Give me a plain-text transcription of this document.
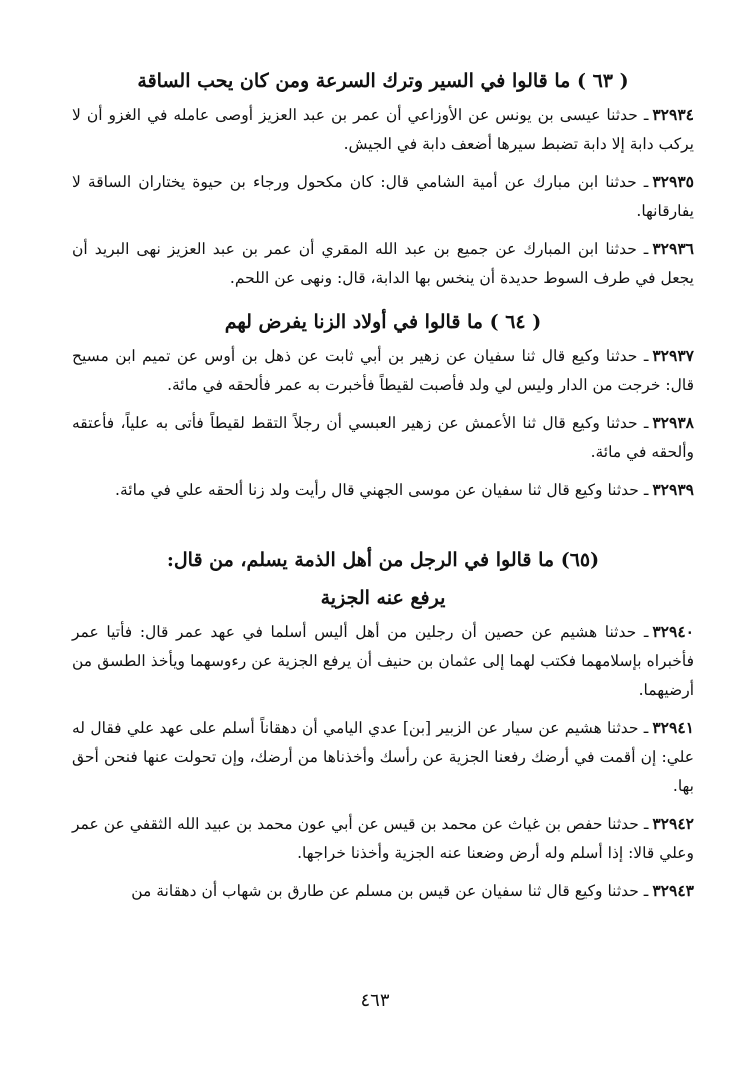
( ٦٣ ) ما قالوا في السير وترك السرعة ومن كان يحب الساقة

٣٢٩٣٤ـ حدثنا عيسى بن يونس عن الأوزاعي أن عمر بن عبد العزيز أوصى عامله في الغزو أن لا يركب دابة إلا دابة تضبط سيرها أضعف دابة في الجيش.

٣٢٩٣٥ـ حدثنا ابن مبارك عن أمية الشامي قال: كان مكحول ورجاء بن حيوة يختاران الساقة لا يفارقانها.

٣٢٩٣٦ـ حدثنا ابن المبارك عن جميع بن عبد الله المقري أن عمر بن عبد العزيز نهى البريد أن يجعل في طرف السوط حديدة أن ينخس بها الدابة، قال: ونهى عن اللحم.

( ٦٤ ) ما قالوا في أولاد الزنا يفرض لهم

٣٢٩٣٧ـ حدثنا وكيع قال ثنا سفيان عن زهير بن أبي ثابت عن ذهل بن أوس عن تميم ابن مسيح قال: خرجت من الدار وليس لي ولد فأصبت لقيطاً فأخبرت به عمر فألحقه في مائة.

٣٢٩٣٨ـ حدثنا وكيع قال ثنا الأعمش عن زهير العبسي أن رجلاً التقط لقيطاً فأتى به علياً، فأعتقه وألحقه في مائة.

٣٢٩٣٩ـ حدثنا وكيع قال ثنا سفيان عن موسى الجهني قال رأيت ولد زنا ألحقه علي في مائة.

(٦٥) ما قالوا في الرجل من أهل الذمة يسلم، من قال:
يرفع عنه الجزية

٣٢٩٤٠ـ حدثنا هشيم عن حصين أن رجلين من أهل أليس أسلما في عهد عمر قال: فأتيا عمر فأخبراه بإسلامهما فكتب لهما إلى عثمان بن حنيف أن يرفع الجزية عن رءوسهما ويأخذ الطسق من أرضيهما.

٣٢٩٤١ـ حدثنا هشيم عن سيار عن الزبير [بن] عدي اليامي أن دهقاناً أسلم على عهد علي فقال له علي: إن أقمت في أرضك رفعنا الجزية عن رأسك وأخذناها من أرضك، وإن تحولت عنها فنحن أحق بها.

٣٢٩٤٢ـ حدثنا حفص بن غياث عن محمد بن قيس عن أبي عون محمد بن عبيد الله الثقفي عن عمر وعلي قالا: إذا أسلم وله أرض وضعنا عنه الجزية وأخذنا خراجها.

٣٢٩٤٣ـ حدثنا وكيع قال ثنا سفيان عن قيس بن مسلم عن طارق بن شهاب أن دهقانة من

٤٦٣
